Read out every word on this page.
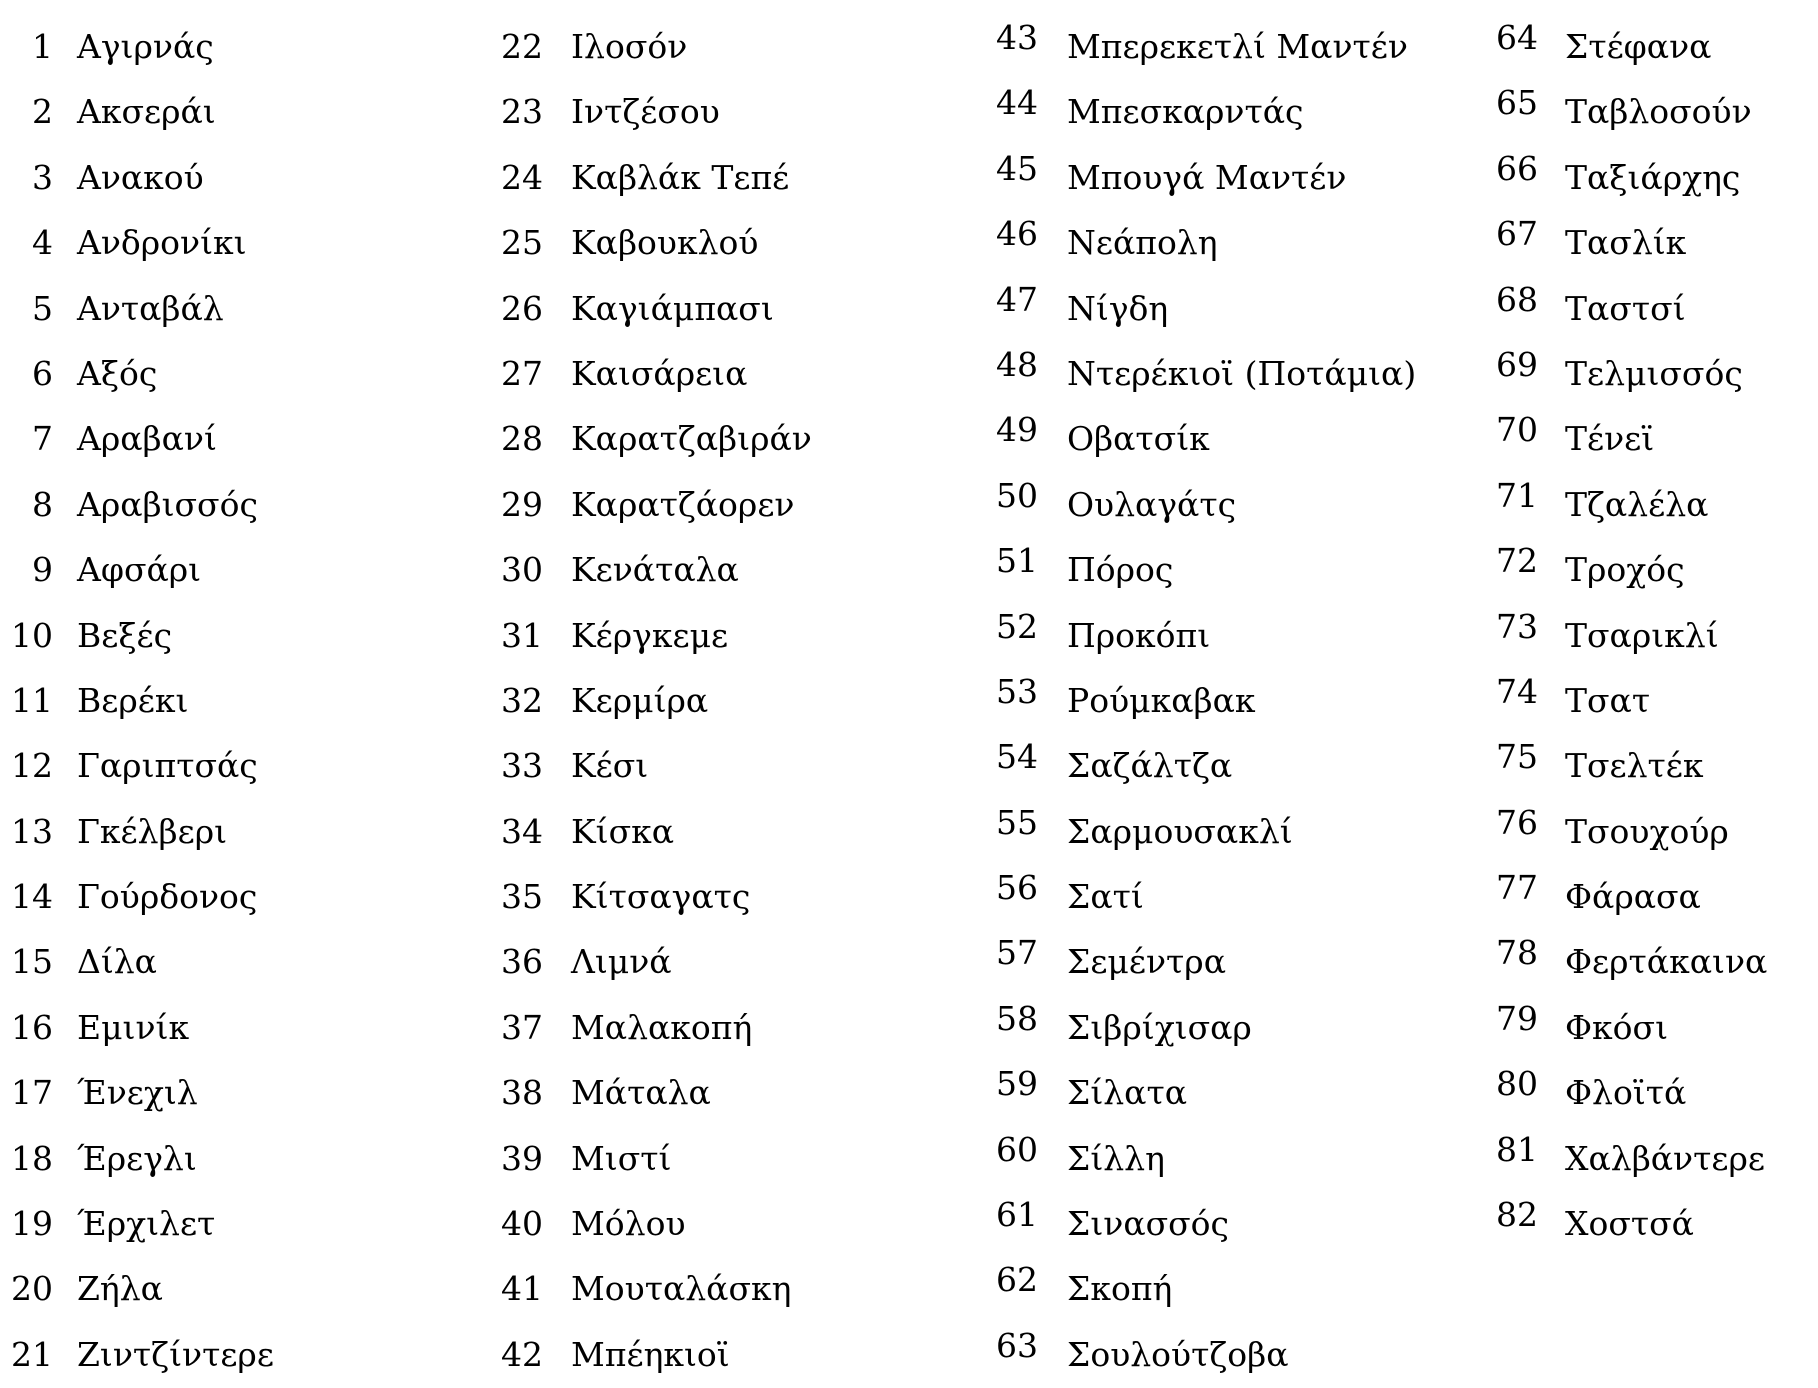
1 Αγιρνάς
2 Ακσεράι
3 Ανακού
4 Ανδρονίκι
5 Ανταβάλ
6 Αξός
7 Αραβανί
8 Αραβισσός
9 Αφσάρι
10 Βεξές
11 Βερέκι
12 Γαριπτσάς
13 Γκέλβερι
14 Γούρδονος
15 Δίλα
16 Εμινίκ
17 Ένεχιλ
18 Έρεγλι
19 Έρχιλετ
20 Ζήλα
21 Ζιντζίντερε
22 Ιλοσόν
23 Ιντζέσου
24 Καβλάκ Τεπέ
25 Καβουκλού
26 Καγιάμπασι
27 Καισάρεια
28 Καρατζαβιράν
29 Καρατζάορεν
30 Κενάταλα
31 Κέργκεμε
32 Κερμίρα
33 Κέσι
34 Κίσκα
35 Κίτσαγατς
36 Λιμνά
37 Μαλακοπή
38 Μάταλα
39 Μιστί
40 Μόλου
41 Μουταλάσκη
42 Μπέηκιοϊ
43 Μπερεκετλί Μαντέν
44 Μπεσκαρντάς
45 Μπουγά Μαντέν
46 Νεάπολη
47 Νίγδη
48 Ντερέκιοϊ (Ποτάμια)
49 Οβατσίκ
50 Ουλαγάτς
51 Πόρος
52 Προκόπι
53 Ρούμκαβακ
54 Σαζάλτζα
55 Σαρμουσακλί
56 Σατί
57 Σεμέντρα
58 Σιβρίχισαρ
59 Σίλατα
60 Σίλλη
61 Σινασσός
62 Σκοπή
63 Σουλούτζοβα
64 Στέφανα
65 Ταβλοσούν
66 Ταξιάρχης
67 Τασλίκ
68 Ταστσί
69 Τελμισσός
70 Τένεϊ
71 Τζαλέλα
72 Τροχός
73 Τσαρικλί
74 Τσατ
75 Τσελτέκ
76 Τσουχούρ
77 Φάρασα
78 Φερτάκαινα
79 Φκόσι
80 Φλοϊτά
81 Χαλβάντερε
82 Χοστσά
